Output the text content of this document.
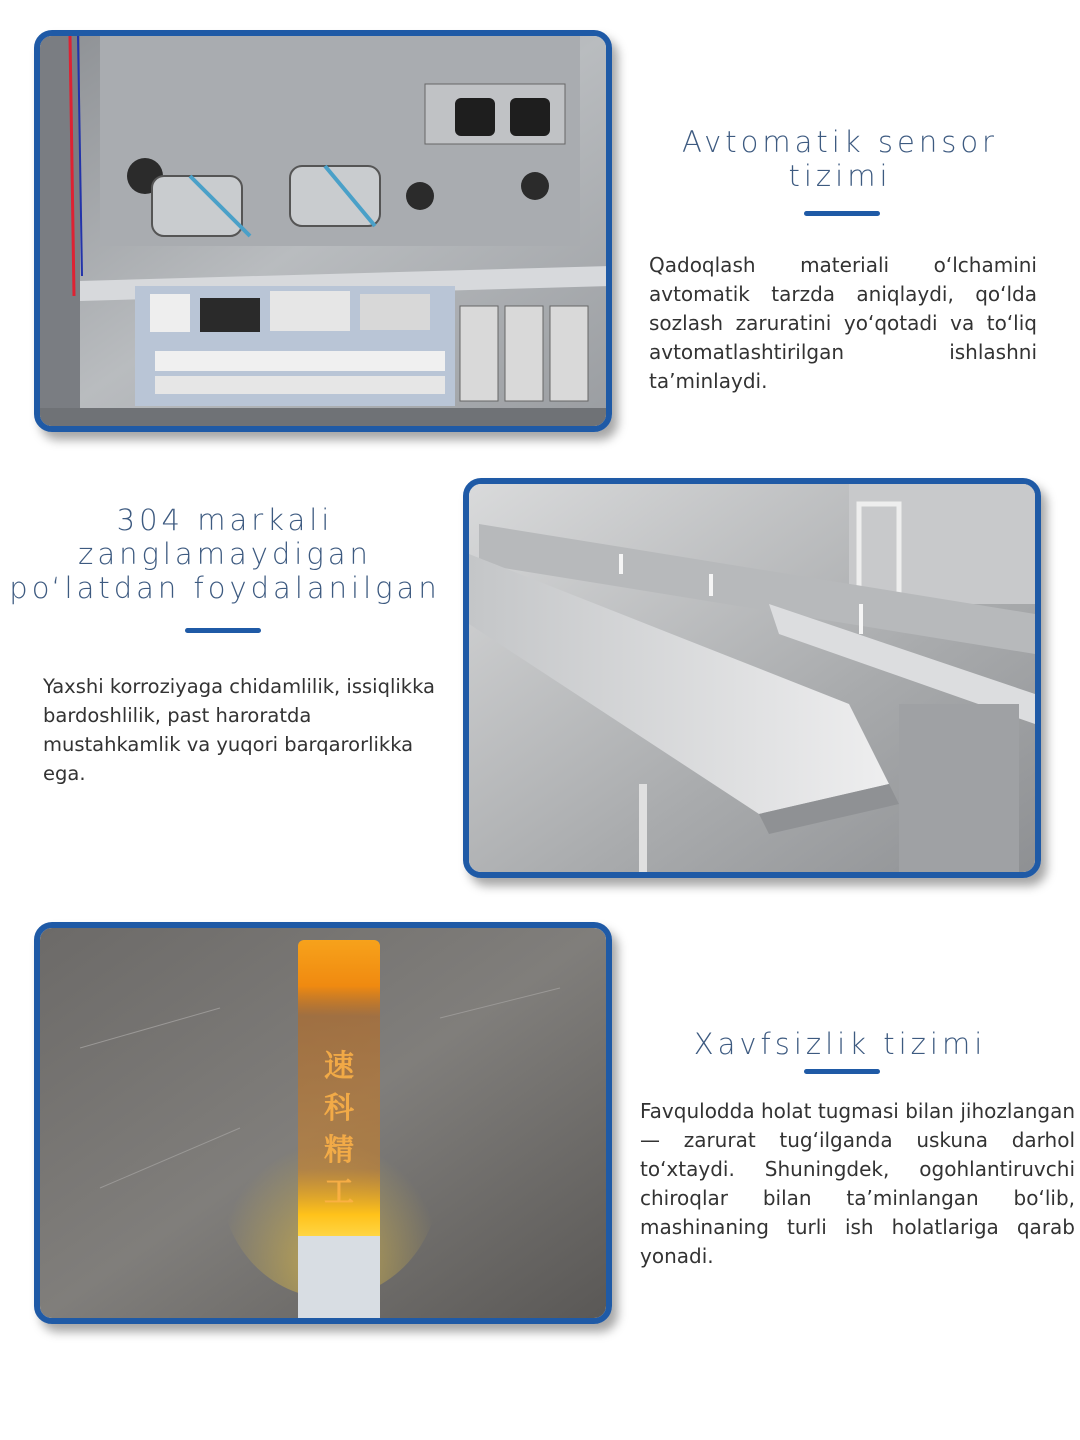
Avtomatik sensor tizimi

Qadoqlash materiali o‘lchamini avtomatik tarzda aniqlaydi, qo‘lda sozlash zaruratini yo‘qotadi va to‘liq avtomatlashtirilgan ishlashni ta’minlaydi.

304 markali zanglamaydigan po‘latdan foydalanilgan

Yaxshi korroziyaga chidamlilik, issiqlikka bardoshlilik, past haroratda mustahkamlik va yuqori barqarorlikka ega.

速
科
精
工

Xavfsizlik tizimi

Favqulodda holat tugmasi bilan jihozlangan — zarurat tug‘ilganda uskuna darhol to‘xtaydi. Shuningdek, ogohlantiruvchi chiroqlar bilan ta’minlangan bo‘lib, mashinaning turli ish holatlariga qarab yonadi.
